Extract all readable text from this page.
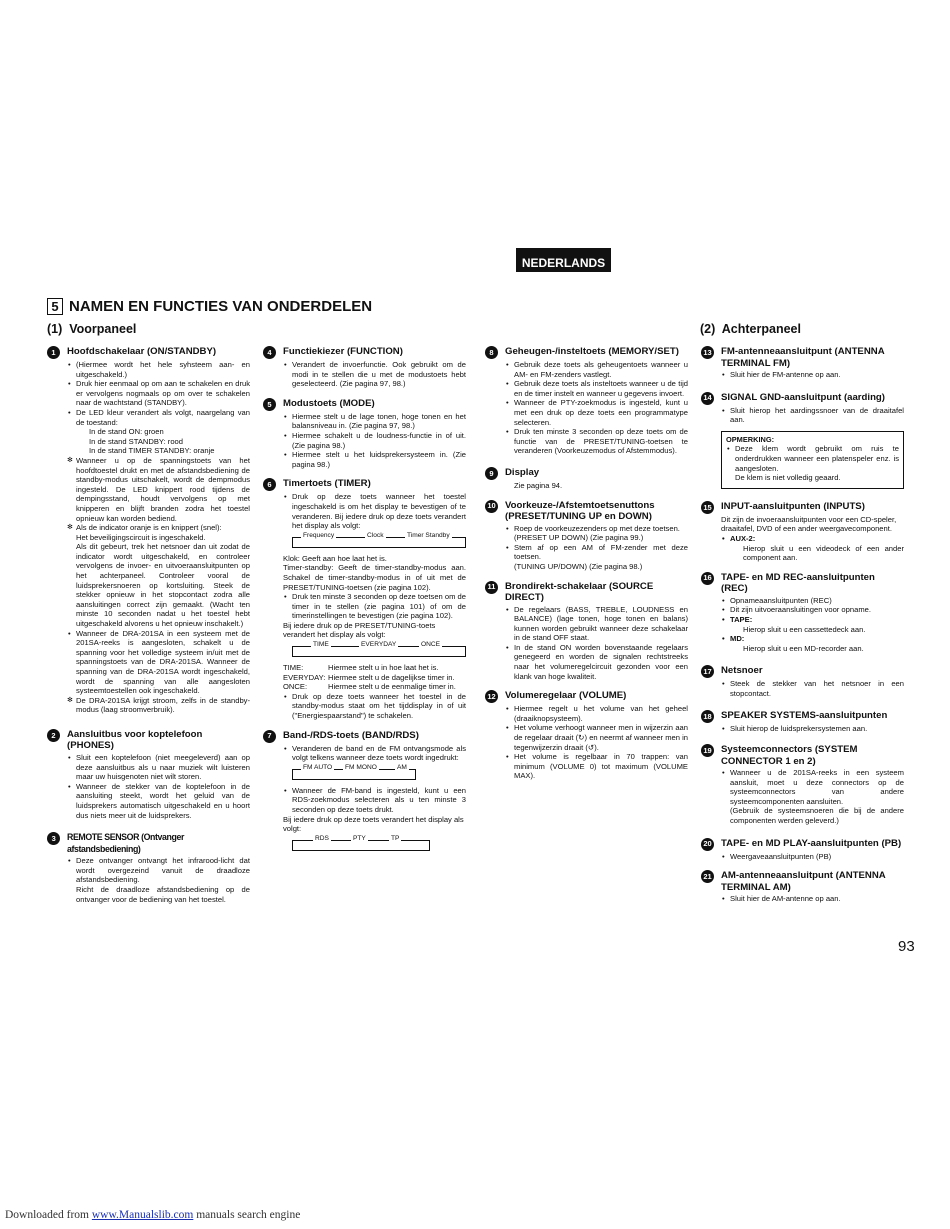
NEDERLANDS
5 NAMEN EN FUNCTIES VAN ONDERDELEN
(1) Voorpaneel	(2) Achterpaneel
1	Hoofdschakelaar (ON/STANDBY)
• (Hiermee wordt het hele syhsteem aan- en uitgeschakeld.)
• Druk hier eenmaal op om aan te schakelen en druk er vervolgens nogmaals op om over te schakelen naar de wachtstand (STANDBY).
• De LED kleur verandert als volgt, naargelang van de toestand:
In de stand ON: groen
In de stand STANDBY: rood
In de stand TIMER STANDBY: oranje
✻ Wanneer u op de spanningstoets van het hoofdtoestel drukt en met de afstandsbediening de standby-modus uitschakelt, wordt de dempmodus ingesteld. De LED knippert rood tijdens de dempingsstand, houdt vervolgens op met knipperen en blijft branden zodra het toestel opnieuw kan worden bediend.
✻ Als de indicator oranje is en knippert (snel):
Het beveiligingscircuit is ingeschakeld.
Als dit gebeurt, trek het netsnoer dan uit zodat de indicator wordt uitgeschakeld, en controleer vervolgens de invoer- en uitvoeraansluitpunten op het achterpaneel. Controleer vooral de luidsprekersnoeren op kortsluiting. Steek de stekker opnieuw in het stopcontact zodra alle aansluitingen correct zijn gemaakt. (Wacht ten minste 10 seconden nadat u het toestel hebt uitgeschakeld alvorens u het opnieuw inschakelt.)
• Wanneer de DRA-201SA in een systeem met de 201SA-reeks is aangesloten, schakelt u de spanning voor het volledige systeem in/uit met de spanningstoets van de DRA-201SA. Wanneer de spanning van de DRA-201SA wordt ingeschakeld, wordt de spanning van alle aangesloten systeemtoestellen ook ingeschakeld.
✻ De DRA-201SA krijgt stroom, zelfs in de standby-modus (laag stroomverbruik).
2	Aansluitbus voor koptelefoon (PHONES)
• Sluit een koptelefoon (niet meegeleverd) aan op deze aansluitbus als u naar muziek wilt luisteren maar uw huisgenoten niet wilt storen.
• Wanneer de stekker van de koptelefoon in de aansluiting steekt, wordt het geluid van de luidsprekers automatisch uitgeschakeld en u hoort dus niets meer uit de luidsprekers.
3	REMOTE SENSOR (Ontvanger afstandsbediening)
• Deze ontvanger ontvangt het infrarood-licht dat wordt overgezeind vanuit de draadloze afstandsbediening.
Richt de draadloze afstandsbediening op de ontvanger voor de bediening van het toestel.
4	Functiekiezer (FUNCTION)
• Verandert de invoerfunctie. Ook gebruikt om de modi in te stellen die u met de modustoets hebt geselecteerd. (Zie pagina 97, 98.)
5	Modustoets (MODE)
• Hiermee stelt u de lage tonen, hoge tonen en het balansniveau in. (Zie pagina 97, 98.)
• Hiermee schakelt u de loudness-functie in of uit. (Zie pagina 98.)
• Hiermee stelt u het luidsprekersysteem in. (Zie pagina 98.)
6	Timertoets (TIMER)
• Druk op deze toets wanneer het toestel ingeschakeld is om het display te bevestigen of te veranderen. Bij iedere druk op deze toets verandert het display als volgt:
Frequency	Clock	Timer Standby
Klok: Geeft aan hoe laat het is.
Timer-standby: Geeft de timer-standby-modus aan. Schakel de timer-standby-modus in of uit met de PRESET/TUNING-toetsen (zie pagina 102).
• Druk ten minste 3 seconden op deze toetsen om de timer in te stellen (zie pagina 101) of om de timerinstellingen te bevestigen (zie pagina 102).
Bij iedere druk op de PRESET/TUNING-toets verandert het display als volgt:
TIME	EVERYDAY	ONCE
TIME:	Hiermee stelt u in hoe laat het is.
EVERYDAY: Hiermee stelt u de dagelijkse timer in.
ONCE:	Hiermee stelt u de eenmalige timer in.
• Druk op deze toets wanneer het toestel in de standby-modus staat om het tijddisplay in of uit ("Energiespaarstand") te schakelen.
7	Band-/RDS-toets (BAND/RDS)
• Veranderen de band en de FM ontvangsmode als volgt telkens wanneer deze toets wordt ingedrukt:
FM AUTO	FM MONO	AM
• Wanneer de FM-band is ingesteld, kunt u een RDS-zoekmodus selecteren als u ten minste 3 seconden op deze toets drukt.
Bij iedere druk op deze toets verandert het display als volgt:
RDS	PTY	TP
8	Geheugen-/insteltoets (MEMORY/SET)
• Gebruik deze toets als geheugentoets wanneer u AM- en FM-zenders vastlegt.
• Gebruik deze toets als insteltoets wanneer u de tijd en de timer instelt en wanneer u gegevens invoert.
• Wanneer de PTY-zoekmodus is ingesteld, kunt u met een druk op deze toets een programmatype selecteren.
• Druk ten minste 3 seconden op deze toets om de functie van de PRESET/TUNING-toetsen te veranderen (Voorkeuzemodus of Afstemmodus).
9	Display
Zie pagina 94.
10 Voorkeuze-/Afstemtoetsenuttons (PRESET/TUNING UP en DOWN)
• Roep de voorkeuzezenders op met deze toetsen.
(PRESET UP DOWN) (Zie pagina 99.)
• Stem af op een AM of FM-zender met deze toetsen.
(TUNING UP/DOWN) (Zie pagina 98.)
11 Brondirekt-schakelaar (SOURCE DIRECT)
• De regelaars (BASS, TREBLE, LOUDNESS en BALANCE) (lage tonen, hoge tonen en balans) kunnen worden gebruikt wanneer deze schakelaar in de stand OFF staat.
• In de stand ON worden bovenstaande regelaars genegeerd en worden de signalen rechtstreeks naar het volumeregelcircuit gezonden voor een klank van hoge kwaliteit.
12 Volumeregelaar (VOLUME)
• Hiermee regelt u het volume van het geheel (draaiknopsysteem).
• Het volume verhoogt wanneer men in wijzerzin aan de regelaar draait (↻) en neermt af wanneer men in tegenwijzerzin draait (↺).
• Het volume is regelbaar in 70 trappen: van minimum (VOLUME 0) tot maximum (VOLUME MAX).
13 FM-antenneaansluitpunt (ANTENNA TERMINAL FM)
• Sluit hier de FM-antenne op aan.
14 SIGNAL GND-aansluitpunt (aarding)
• Sluit hierop het aardingssnoer van de draaitafel aan.
OPMERKING:
• Deze klem wordt gebruikt om ruis te onderdrukken wanneer een platenspeler enz. is aangesloten.
De klem is niet volledig geaard.
15 INPUT-aansluitpunten (INPUTS)
Dit zijn de invoeraansluitpunten voor een CD-speler, draaitafel, DVD of een ander weergavecomponent.
• AUX-2:
Hierop sluit u een videodeck of een ander component aan.
16 TAPE- en MD REC-aansluitpunten (REC)
• Opnameaansluitpunten (REC)
• Dit zijn uitvoeraansluitingen voor opname.
• TAPE:
Hierop sluit u een cassettedeck aan.
• MD:
Hierop sluit u een MD-recorder aan.
17 Netsnoer
• Steek de stekker van het netsnoer in een stopcontact.
18 SPEAKER SYSTEMS-aansluitpunten
• Sluit hierop de luidsprekersystemen aan.
19 Systeemconnectors (SYSTEM CONNECTOR 1 en 2)
• Wanneer u de 201SA-reeks in een systeem aansluit, moet u deze connectors op de systeemconnectors van andere systeemcomponenten aansluiten.
(Gebruik de systeemsnoeren die bij de andere componenten werden geleverd.)
20 TAPE- en MD PLAY-aansluitpunten (PB)
• Weergaveaansluitpunten (PB)
21 AM-antenneaansluitpunt (ANTENNA TERMINAL AM)
• Sluit hier de AM-antenne op aan.
93
Downloaded from www.Manualslib.com manuals search engine
